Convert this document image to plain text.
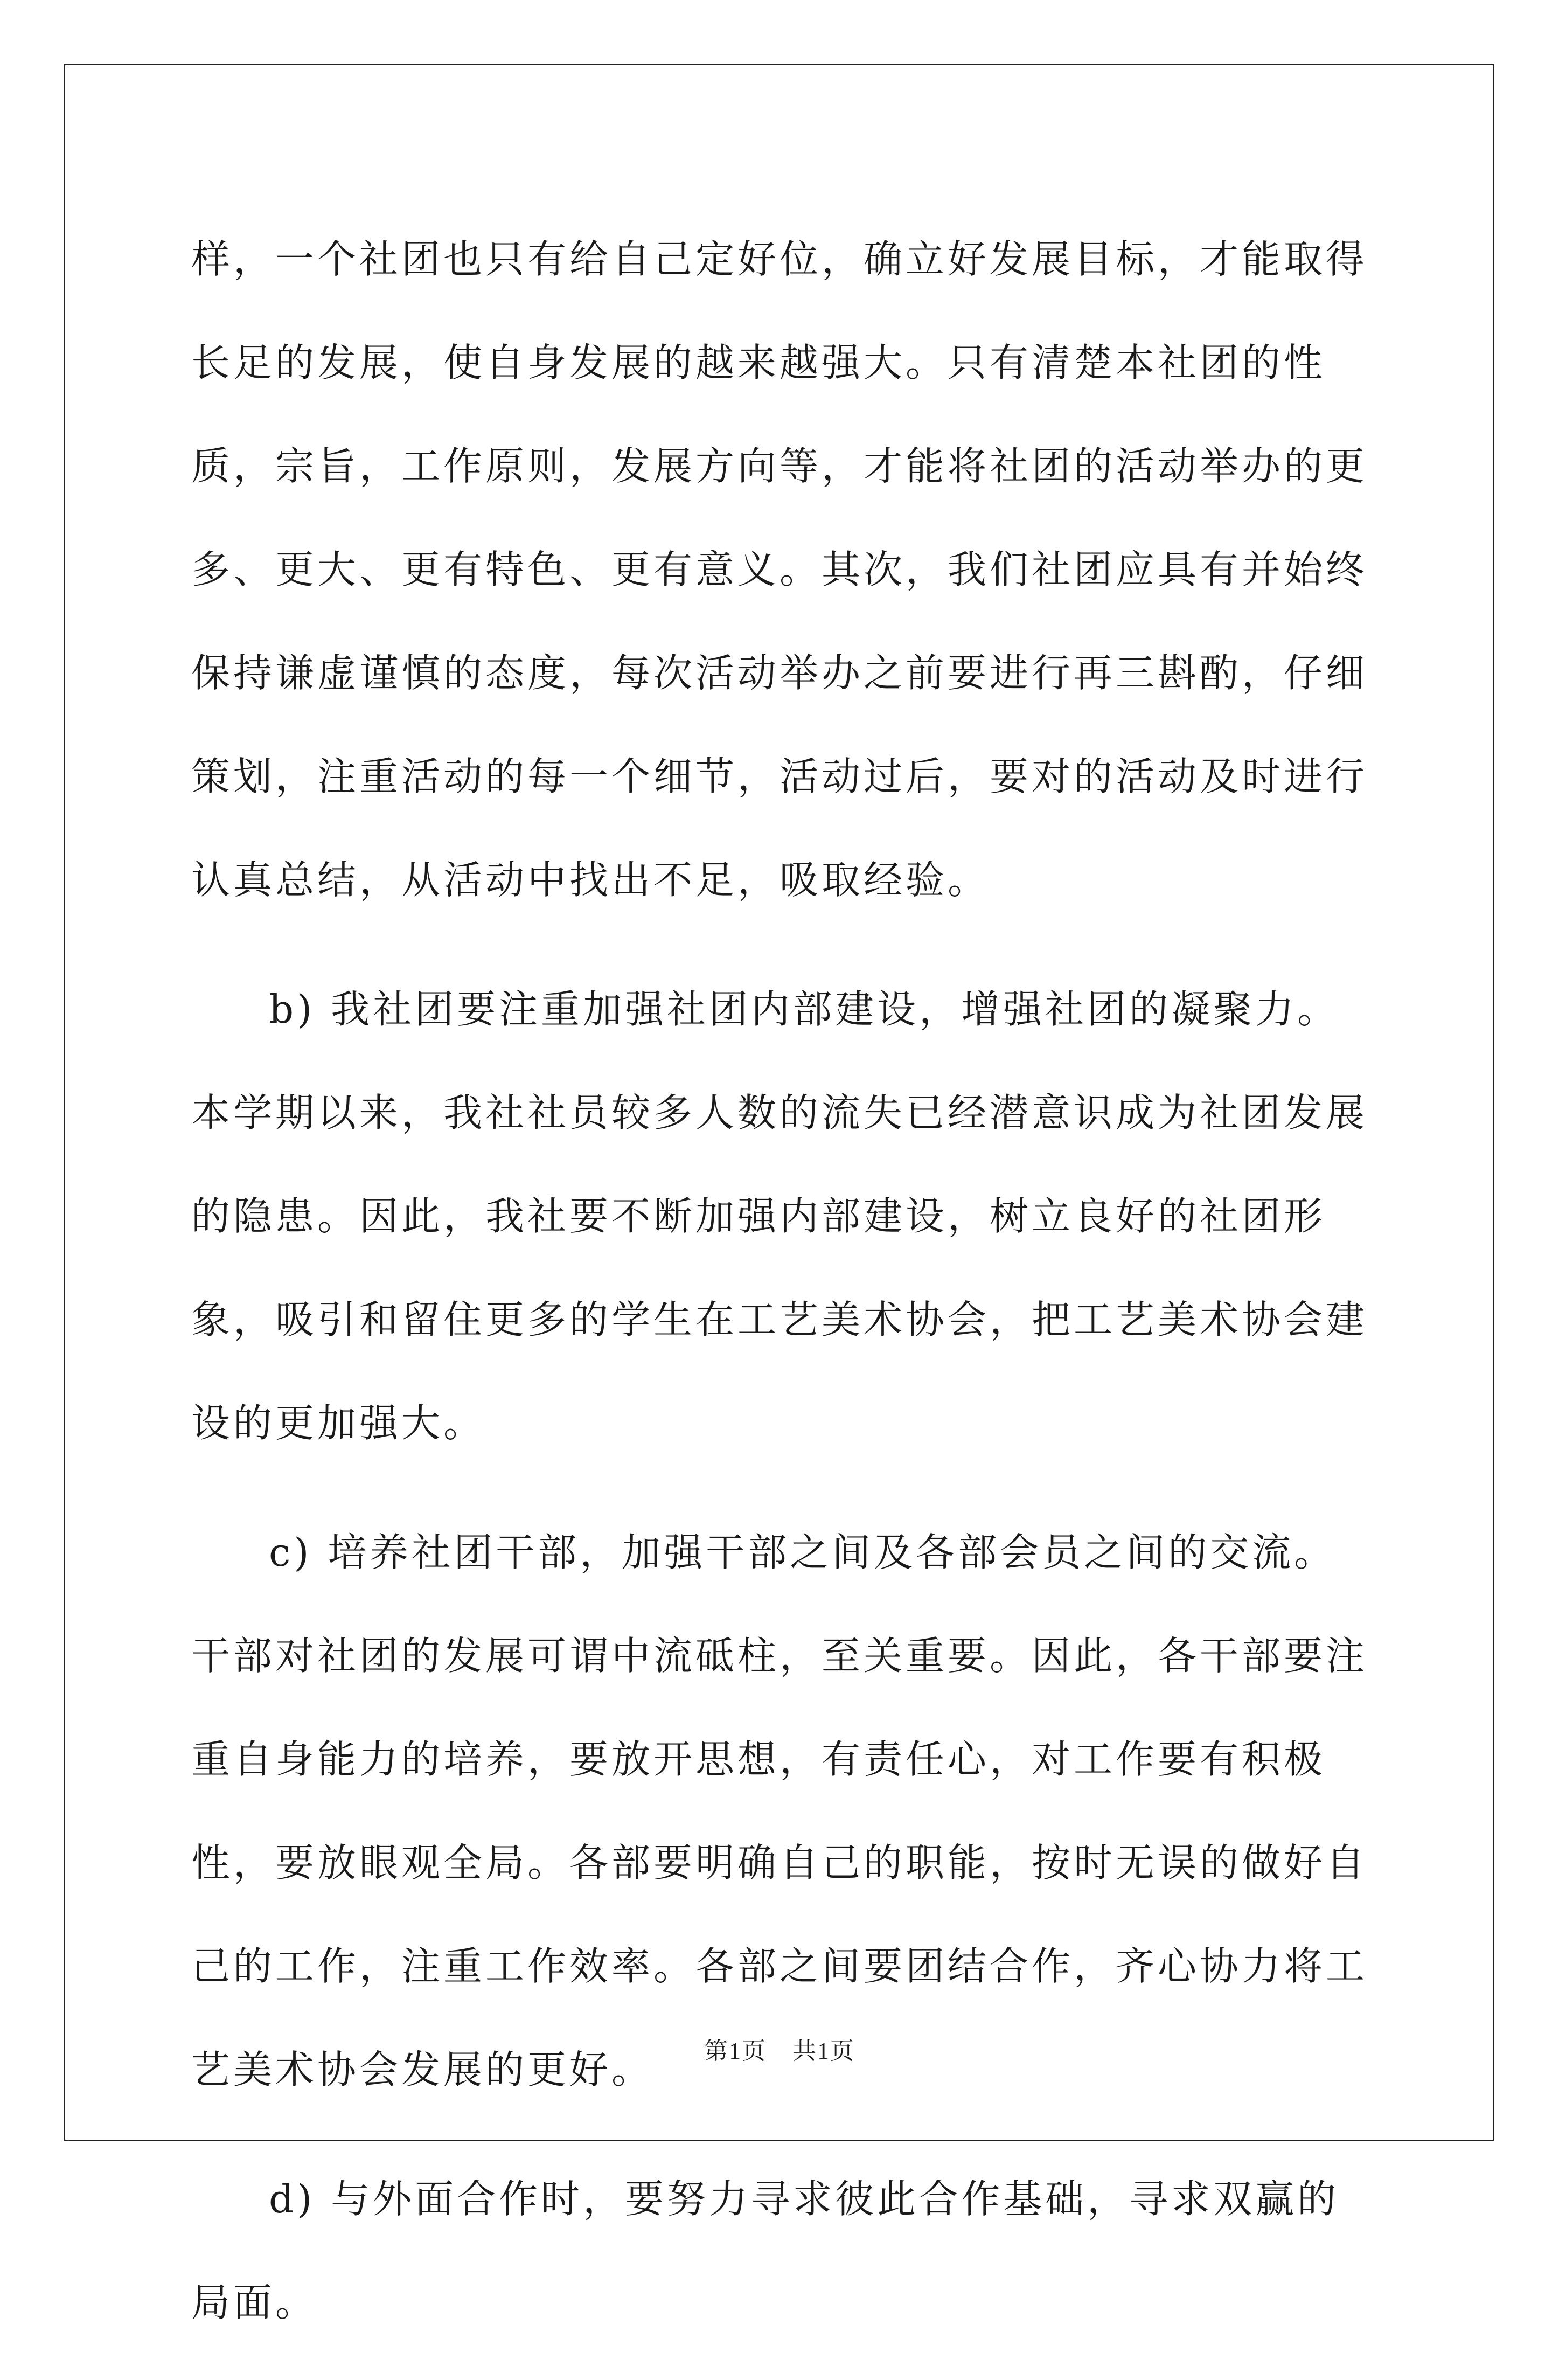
样，一个社团也只有给自己定好位，确立好发展目标，才能取得长足的发展，使自身发展的越来越强大。只有清楚本社团的性质，宗旨，工作原则，发展方向等，才能将社团的活动举办的更多、更大、更有特色、更有意义。其次，我们社团应具有并始终保持谦虚谨慎的态度，每次活动举办之前要进行再三斟酌，仔细策划，注重活动的每一个细节，活动过后，要对的活动及时进行认真总结，从活动中找出不足，吸取经验。

b) 我社团要注重加强社团内部建设，增强社团的凝聚力。本学期以来，我社社员较多人数的流失已经潜意识成为社团发展的隐患。因此，我社要不断加强内部建设，树立良好的社团形象，吸引和留住更多的学生在工艺美术协会，把工艺美术协会建设的更加强大。

c) 培养社团干部，加强干部之间及各部会员之间的交流。干部对社团的发展可谓中流砥柱，至关重要。因此，各干部要注重自身能力的培养，要放开思想，有责任心，对工作要有积极性，要放眼观全局。各部要明确自己的职能，按时无误的做好自己的工作，注重工作效率。各部之间要团结合作，齐心协力将工艺美术协会发展的更好。

d) 与外面合作时，要努力寻求彼此合作基础，寻求双赢的局面。

第1页 共1页
